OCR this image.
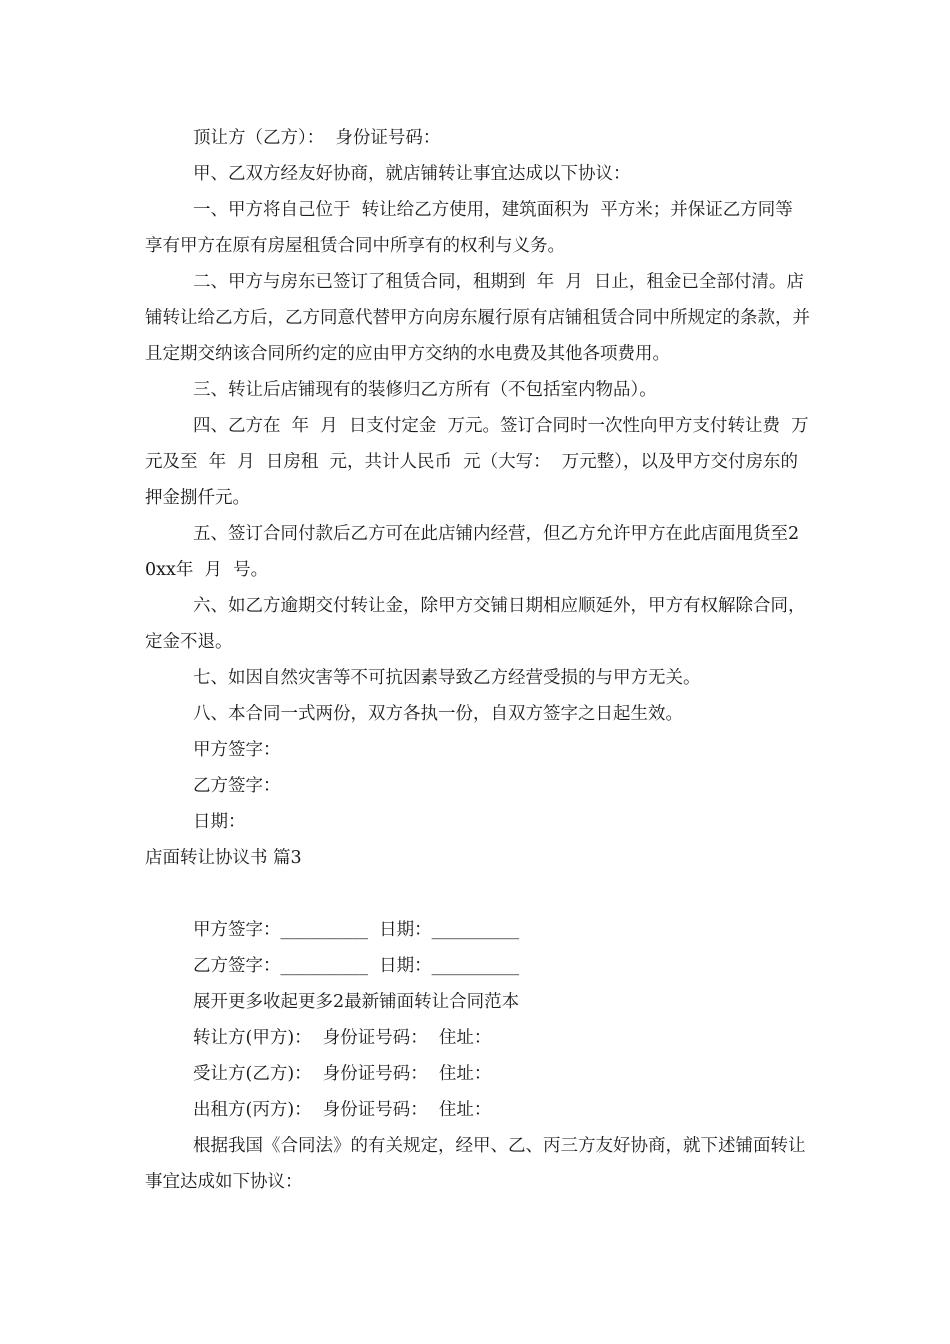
顶让方（乙方）：  身份证号码：

甲、乙双方经友好协商，就店铺转让事宜达成以下协议：

一、甲方将自己位于  转让给乙方使用，建筑面积为  平方米；并保证乙方同等享有甲方在原有房屋租赁合同中所享有的权利与义务。

二、甲方与房东已签订了租赁合同，租期到  年  月  日止，租金已全部付清。店铺转让给乙方后，乙方同意代替甲方向房东履行原有店铺租赁合同中所规定的条款，并且定期交纳该合同所约定的应由甲方交纳的水电费及其他各项费用。

三、转让后店铺现有的装修归乙方所有（不包括室内物品）。

四、乙方在  年  月  日支付定金  万元。签订合同时一次性向甲方支付转让费  万元及至  年  月  日房租  元，共计人民币  元（大写：  万元整），以及甲方交付房东的押金捌仟元。

五、签订合同付款后乙方可在此店铺内经营，但乙方允许甲方在此店面甩货至20xx年  月  号。

六、如乙方逾期交付转让金，除甲方交铺日期相应顺延外，甲方有权解除合同，定金不退。

七、如因自然灾害等不可抗因素导致乙方经营受损的与甲方无关。

八、本合同一式两份，双方各执一份，自双方签字之日起生效。

甲方签字：

乙方签字：

日期：

店面转让协议书 篇3

甲方签字：__________  日期：__________

乙方签字：__________  日期：__________

展开更多收起更多2最新铺面转让合同范本

转让方(甲方)：  身份证号码：  住址：

受让方(乙方)：  身份证号码：  住址：

出租方(丙方)：  身份证号码：  住址：

根据我国《合同法》的有关规定，经甲、乙、丙三方友好协商，就下述铺面转让事宜达成如下协议：
